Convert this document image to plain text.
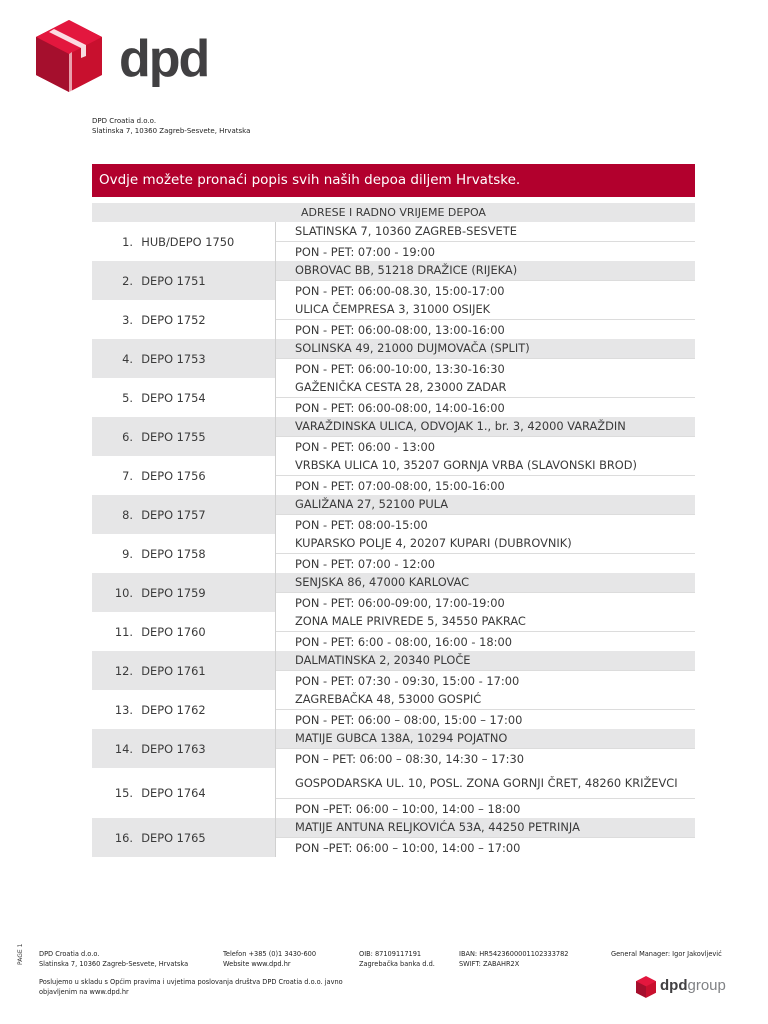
dpd
DPD Croatia d.o.o.
Slatinska 7, 10360 Zagreb-Sesvete, Hrvatska
Ovdje možete pronaći popis svih naših depoa diljem Hrvatske.
ADRESE I RADNO VRIJEME DEPOA	
1. HUB/DEPO 1750	SLATINSKA 7, 10360 ZAGREB-SESVETE
	PON - PET: 07:00 - 19:00
2. DEPO 1751	OBROVAC BB, 51218 DRAŽICE (RIJEKA)
	PON - PET: 06:00-08.30, 15:00-17:00
3. DEPO 1752	ULICA ČEMPRESA 3, 31000 OSIJEK
	PON - PET: 06:00-08:00, 13:00-16:00
4. DEPO 1753	SOLINSKA 49, 21000 DUJMOVAČA (SPLIT)
	PON - PET: 06:00-10:00, 13:30-16:30
5. DEPO 1754	GAŽENIČKA CESTA 28, 23000 ZADAR
	PON - PET: 06:00-08:00, 14:00-16:00
6. DEPO 1755	VARAŽDINSKA ULICA, ODVOJAK 1., br. 3, 42000 VARAŽDIN
	PON - PET: 06:00 - 13:00
7. DEPO 1756	VRBSKA ULICA 10, 35207 GORNJA VRBA (SLAVONSKI BROD)
	PON - PET: 07:00-08:00, 15:00-16:00
8. DEPO 1757	GALIŽANA 27, 52100 PULA
	PON - PET: 08:00-15:00
9. DEPO 1758	KUPARSKO POLJE 4, 20207 KUPARI (DUBROVNIK)
	PON - PET: 07:00 - 12:00
10. DEPO 1759	SENJSKA 86, 47000 KARLOVAC
	PON - PET: 06:00-09:00, 17:00-19:00
11. DEPO 1760	ZONA MALE PRIVREDE 5, 34550 PAKRAC
	PON - PET: 6:00 - 08:00, 16:00 - 18:00
12. DEPO 1761	DALMATINSKA 2, 20340 PLOČE
	PON - PET: 07:30 - 09:30, 15:00 - 17:00
13. DEPO 1762	ZAGREBAČKA 48, 53000 GOSPIĆ
	PON - PET: 06:00 – 08:00, 15:00 – 17:00
14. DEPO 1763	MATIJE GUBCA 138A, 10294 POJATNO
	PON – PET: 06:00 – 08:30, 14:30 – 17:30
15. DEPO 1764	GOSPODARSKA UL. 10, POSL. ZONA GORNJI ČRET, 48260 KRIŽEVCI
	PON –PET: 06:00 – 10:00, 14:00 – 18:00
16. DEPO 1765	MATIJE ANTUNA RELJKOVIĆA 53A, 44250 PETRINJA
	PON –PET: 06:00 – 10:00, 14:00 – 17:00
PAGE 1 DPD Croatia d.o.o.
Slatinska 7, 10360 Zagreb-Sesvete, Hrvatska
Telefon +385 (0)1 3430-600
Website www.dpd.hr
OIB: 87109117191
Zagrebačka banka d.d.
IBAN: HR5423600001102333782
SWIFT: ZABAHR2X
General Manager: Igor Jakovljević
Poslujemo u skladu s Općim pravima i uvjetima poslovanja društva DPD Croatia d.o.o. javno
objavljenim na www.dpd.hr	dpdgroup
